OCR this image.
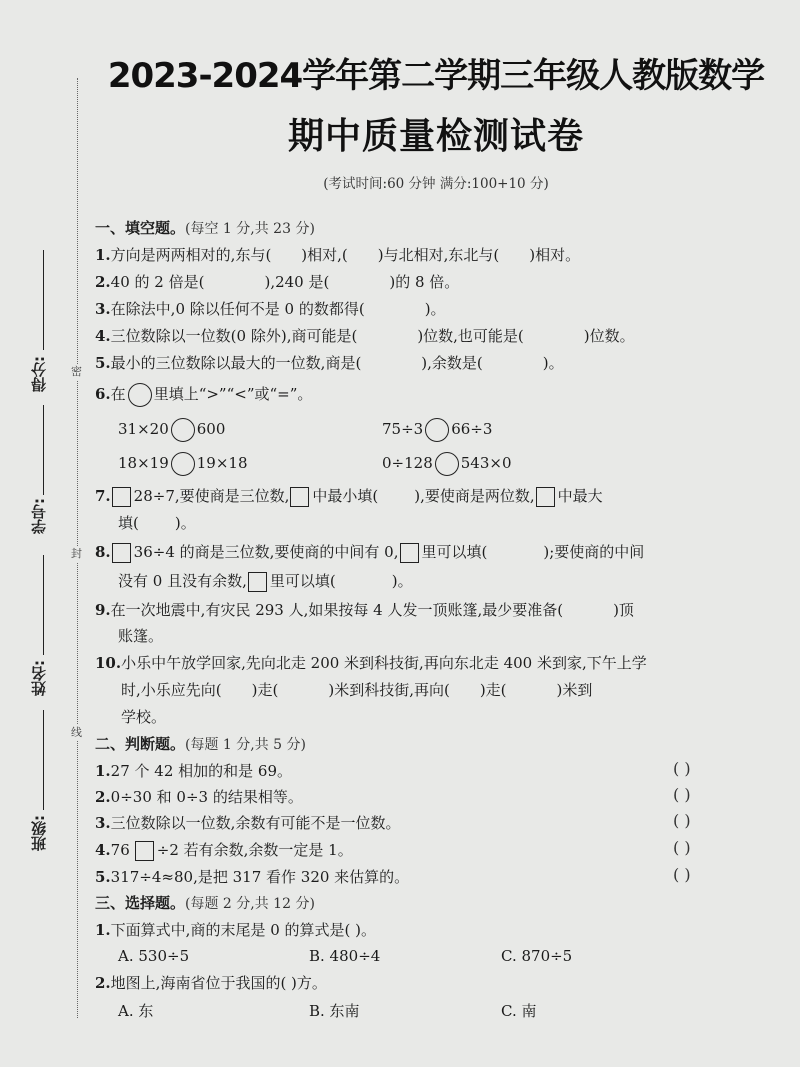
2023-2024学年第二学期三年级人教版数学
期中质量检测试卷
(考试时间:60 分钟 满分:100+10 分)
密
封
线
得分:
学号:
姓名:
班级:
一、填空题。(每空 1 分,共 23 分)
1.方向是两两相对的,东与( )相对,( )与北相对,东北与( )相对。
2.40 的 2 倍是(	),240 是(	)的 8 倍。
3.在除法中,0 除以任何不是 0 的数都得(	)。
4.三位数除以一位数(0 除外),商可能是(	)位数,也可能是(	)位数。
5.最小的三位数除以最大的一位数,商是(	),余数是(	)。
6.在 里填上“>”“<”或“=”。
31×20 600	75÷3 66÷3
18×19 19×18	0÷128 543×0
7. 28÷7,要使商是三位数, 中最小填( ),要使商是两位数, 中最大
填( )。
8. 36÷4 的商是三位数,要使商的中间有 0, 里可以填(	);要使商的中间
没有 0 且没有余数, 里可以填(	)。
9.在一次地震中,有灾民 293 人,如果按每 4 人发一顶账篷,最少要准备(	)顶
账篷。
10.小乐中午放学回家,先向北走 200 米到科技街,再向东北走 400 米到家,下午上学
时,小乐应先向( )走(	)米到科技街,再向( )走(	)米到
学校。
二、判断题。(每题 1 分,共 5 分)
1.27 个 42 相加的和是 69。	( )
2.0÷30 和 0÷3 的结果相等。	( )
3.三位数除以一位数,余数有可能不是一位数。	( )
4.76 ÷2 若有余数,余数一定是 1。	( )
5.317÷4≈80,是把 317 看作 320 来估算的。	( )
三、选择题。(每题 2 分,共 12 分)
1.下面算式中,商的末尾是 0 的算式是( )。
A. 530÷5	B. 480÷4	C. 870÷5
2.地图上,海南省位于我国的( )方。
A. 东	B. 东南	C. 南
